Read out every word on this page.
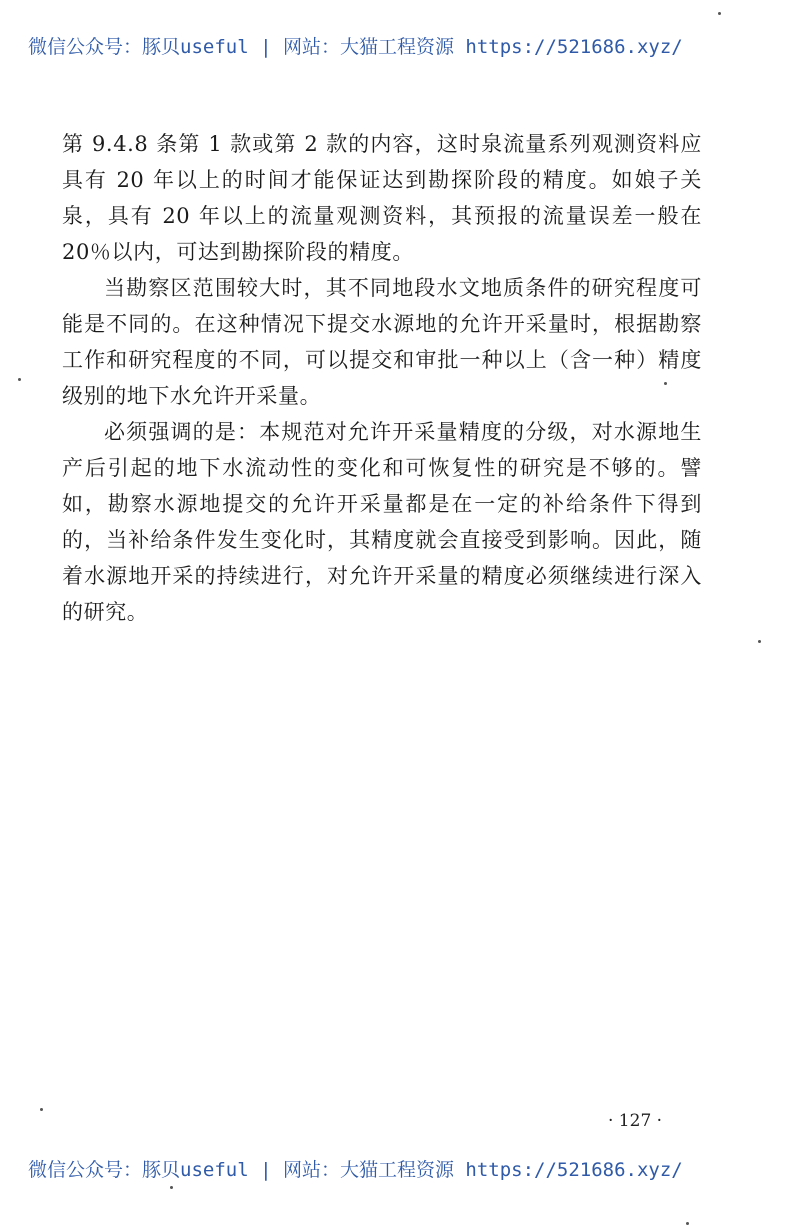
微信公众号：豚贝useful | 网站：大猫工程资源 https://521686.xyz/

第 9.4.8 条第 1 款或第 2 款的内容，这时泉流量系列观测资料应具有 20 年以上的时间才能保证达到勘探阶段的精度。如娘子关泉，具有 20 年以上的流量观测资料，其预报的流量误差一般在 20％以内，可达到勘探阶段的精度。

当勘察区范围较大时，其不同地段水文地质条件的研究程度可能是不同的。在这种情况下提交水源地的允许开采量时，根据勘察工作和研究程度的不同，可以提交和审批一种以上（含一种）精度级别的地下水允许开采量。

必须强调的是：本规范对允许开采量精度的分级，对水源地生产后引起的地下水流动性的变化和可恢复性的研究是不够的。譬如，勘察水源地提交的允许开采量都是在一定的补给条件下得到的，当补给条件发生变化时，其精度就会直接受到影响。因此，随着水源地开采的持续进行，对允许开采量的精度必须继续进行深入的研究。

· 127 ·
微信公众号：豚贝useful | 网站：大猫工程资源 https://521686.xyz/
